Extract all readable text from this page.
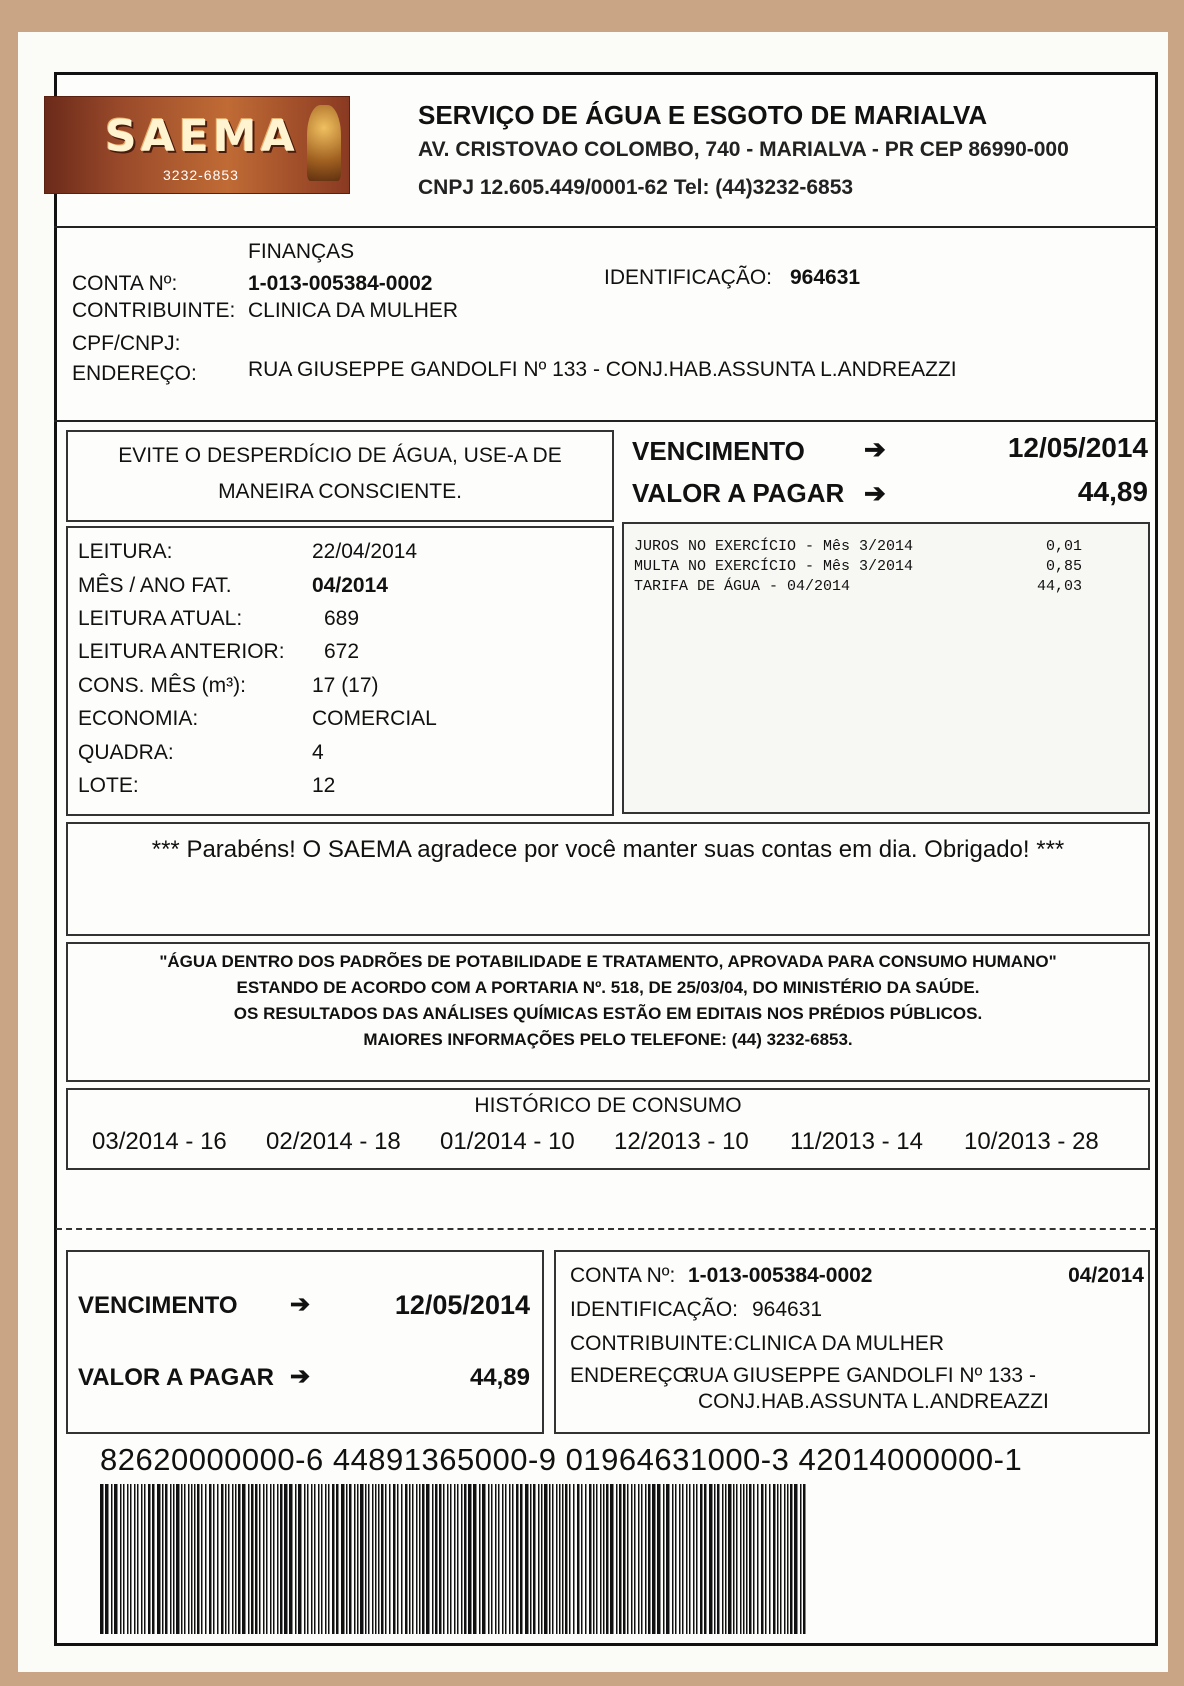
SAEMA
3232-6853
SERVIÇO DE ÁGUA E ESGOTO DE MARIALVA
AV. CRISTOVAO COLOMBO, 740 - MARIALVA - PR CEP 86990-000
CNPJ 12.605.449/0001-62 Tel: (44)3232-6853
FINANÇAS
CONTA Nº:	1-013-005384-0002	IDENTIFICAÇÃO: 964631
CONTRIBUINTE: CLINICA DA MULHER
CPF/CNPJ:
ENDEREÇO: RUA GIUSEPPE GANDOLFI Nº 133 - CONJ.HAB.ASSUNTA L.ANDREAZZI
EVITE O DESPERDÍCIO DE ÁGUA, USE-A DE
MANEIRA CONSCIENTE.
VENCIMENTO ➔	12/05/2014
VALOR A PAGAR ➔	44,89
LEITURA:	22/04/2014
MÊS / ANO FAT.	04/2014
LEITURA ATUAL:	689
LEITURA ANTERIOR: 672
CONS. MÊS (m³):	17 (17)
ECONOMIA:	COMERCIAL
QUADRA:	4
LOTE:	12
JUROS NO EXERCÍCIO - Mês 3/2014	0,01
MULTA NO EXERCÍCIO - Mês 3/2014	0,85
TARIFA DE ÁGUA - 04/2014	44,03
*** Parabéns! O SAEMA agradece por você manter suas contas em dia. Obrigado! ***
"ÁGUA DENTRO DOS PADRÕES DE POTABILIDADE E TRATAMENTO, APROVADA PARA CONSUMO HUMANO"
ESTANDO DE ACORDO COM A PORTARIA Nº. 518, DE 25/03/04, DO MINISTÉRIO DA SAÚDE.
OS RESULTADOS DAS ANÁLISES QUÍMICAS ESTÃO EM EDITAIS NOS PRÉDIOS PÚBLICOS.
MAIORES INFORMAÇÕES PELO TELEFONE: (44) 3232-6853.
HISTÓRICO DE CONSUMO
03/2014 - 16 02/2014 - 18 01/2014 - 10 12/2013 - 10 11/2013 - 14 10/2013 - 28
VENCIMENTO ➔	12/05/2014
VALOR A PAGAR ➔	44,89
CONTA Nº: 1-013-005384-0002	04/2014
IDENTIFICAÇÃO: 964631
CONTRIBUINTE: CLINICA DA MULHER
ENDEREÇO:
RUA GIUSEPPE GANDOLFI Nº 133 -
CONJ.HAB.ASSUNTA L.ANDREAZZI
82620000000-6 44891365000-9 01964631000-3 42014000000-1
